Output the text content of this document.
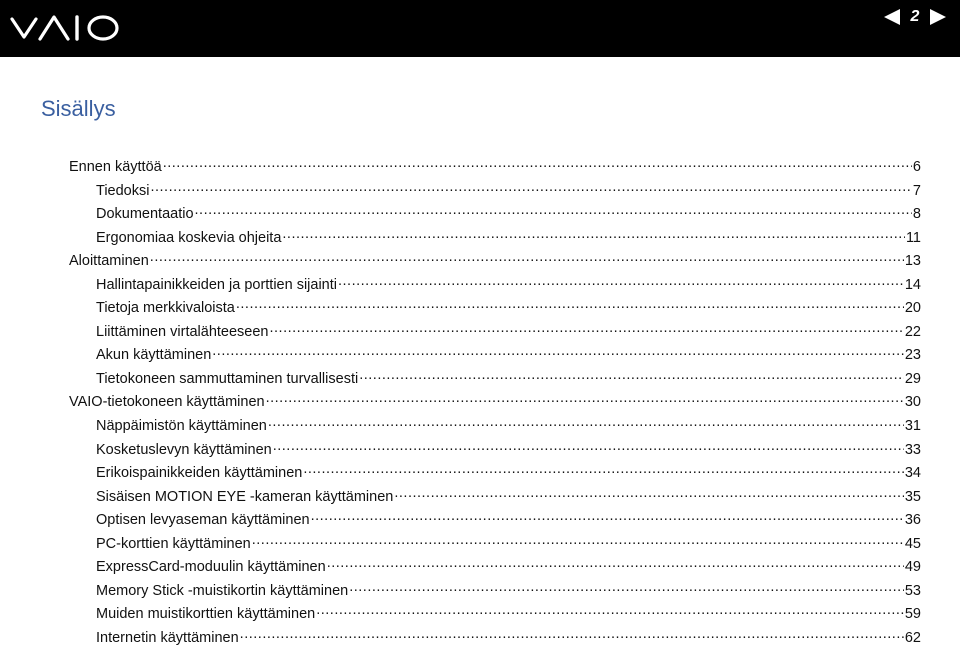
2
Sisällys
Ennen käyttöä .....	6
Tiedoksi .....	7
Dokumentaatio .....	8
Ergonomiaa koskevia ohjeita .....	11
Aloittaminen .....	13
Hallintapainikkeiden ja porttien sijainti .....	14
Tietoja merkkivaloista .....	20
Liittäminen virtalähteeseen .....	22
Akun käyttäminen .....	23
Tietokoneen sammuttaminen turvallisesti .....	29
VAIO-tietokoneen käyttäminen .....	30
Näppäimistön käyttäminen .....	31
Kosketuslevyn käyttäminen .....	33
Erikoispainikkeiden käyttäminen .....	34
Sisäisen MOTION EYE -kameran käyttäminen .....	35
Optisen levyaseman käyttäminen .....	36
PC-korttien käyttäminen .....	45
ExpressCard-moduulin käyttäminen .....	49
Memory Stick -muistikortin käyttäminen .....	53
Muiden muistikorttien käyttäminen .....	59
Internetin käyttäminen .....	62
